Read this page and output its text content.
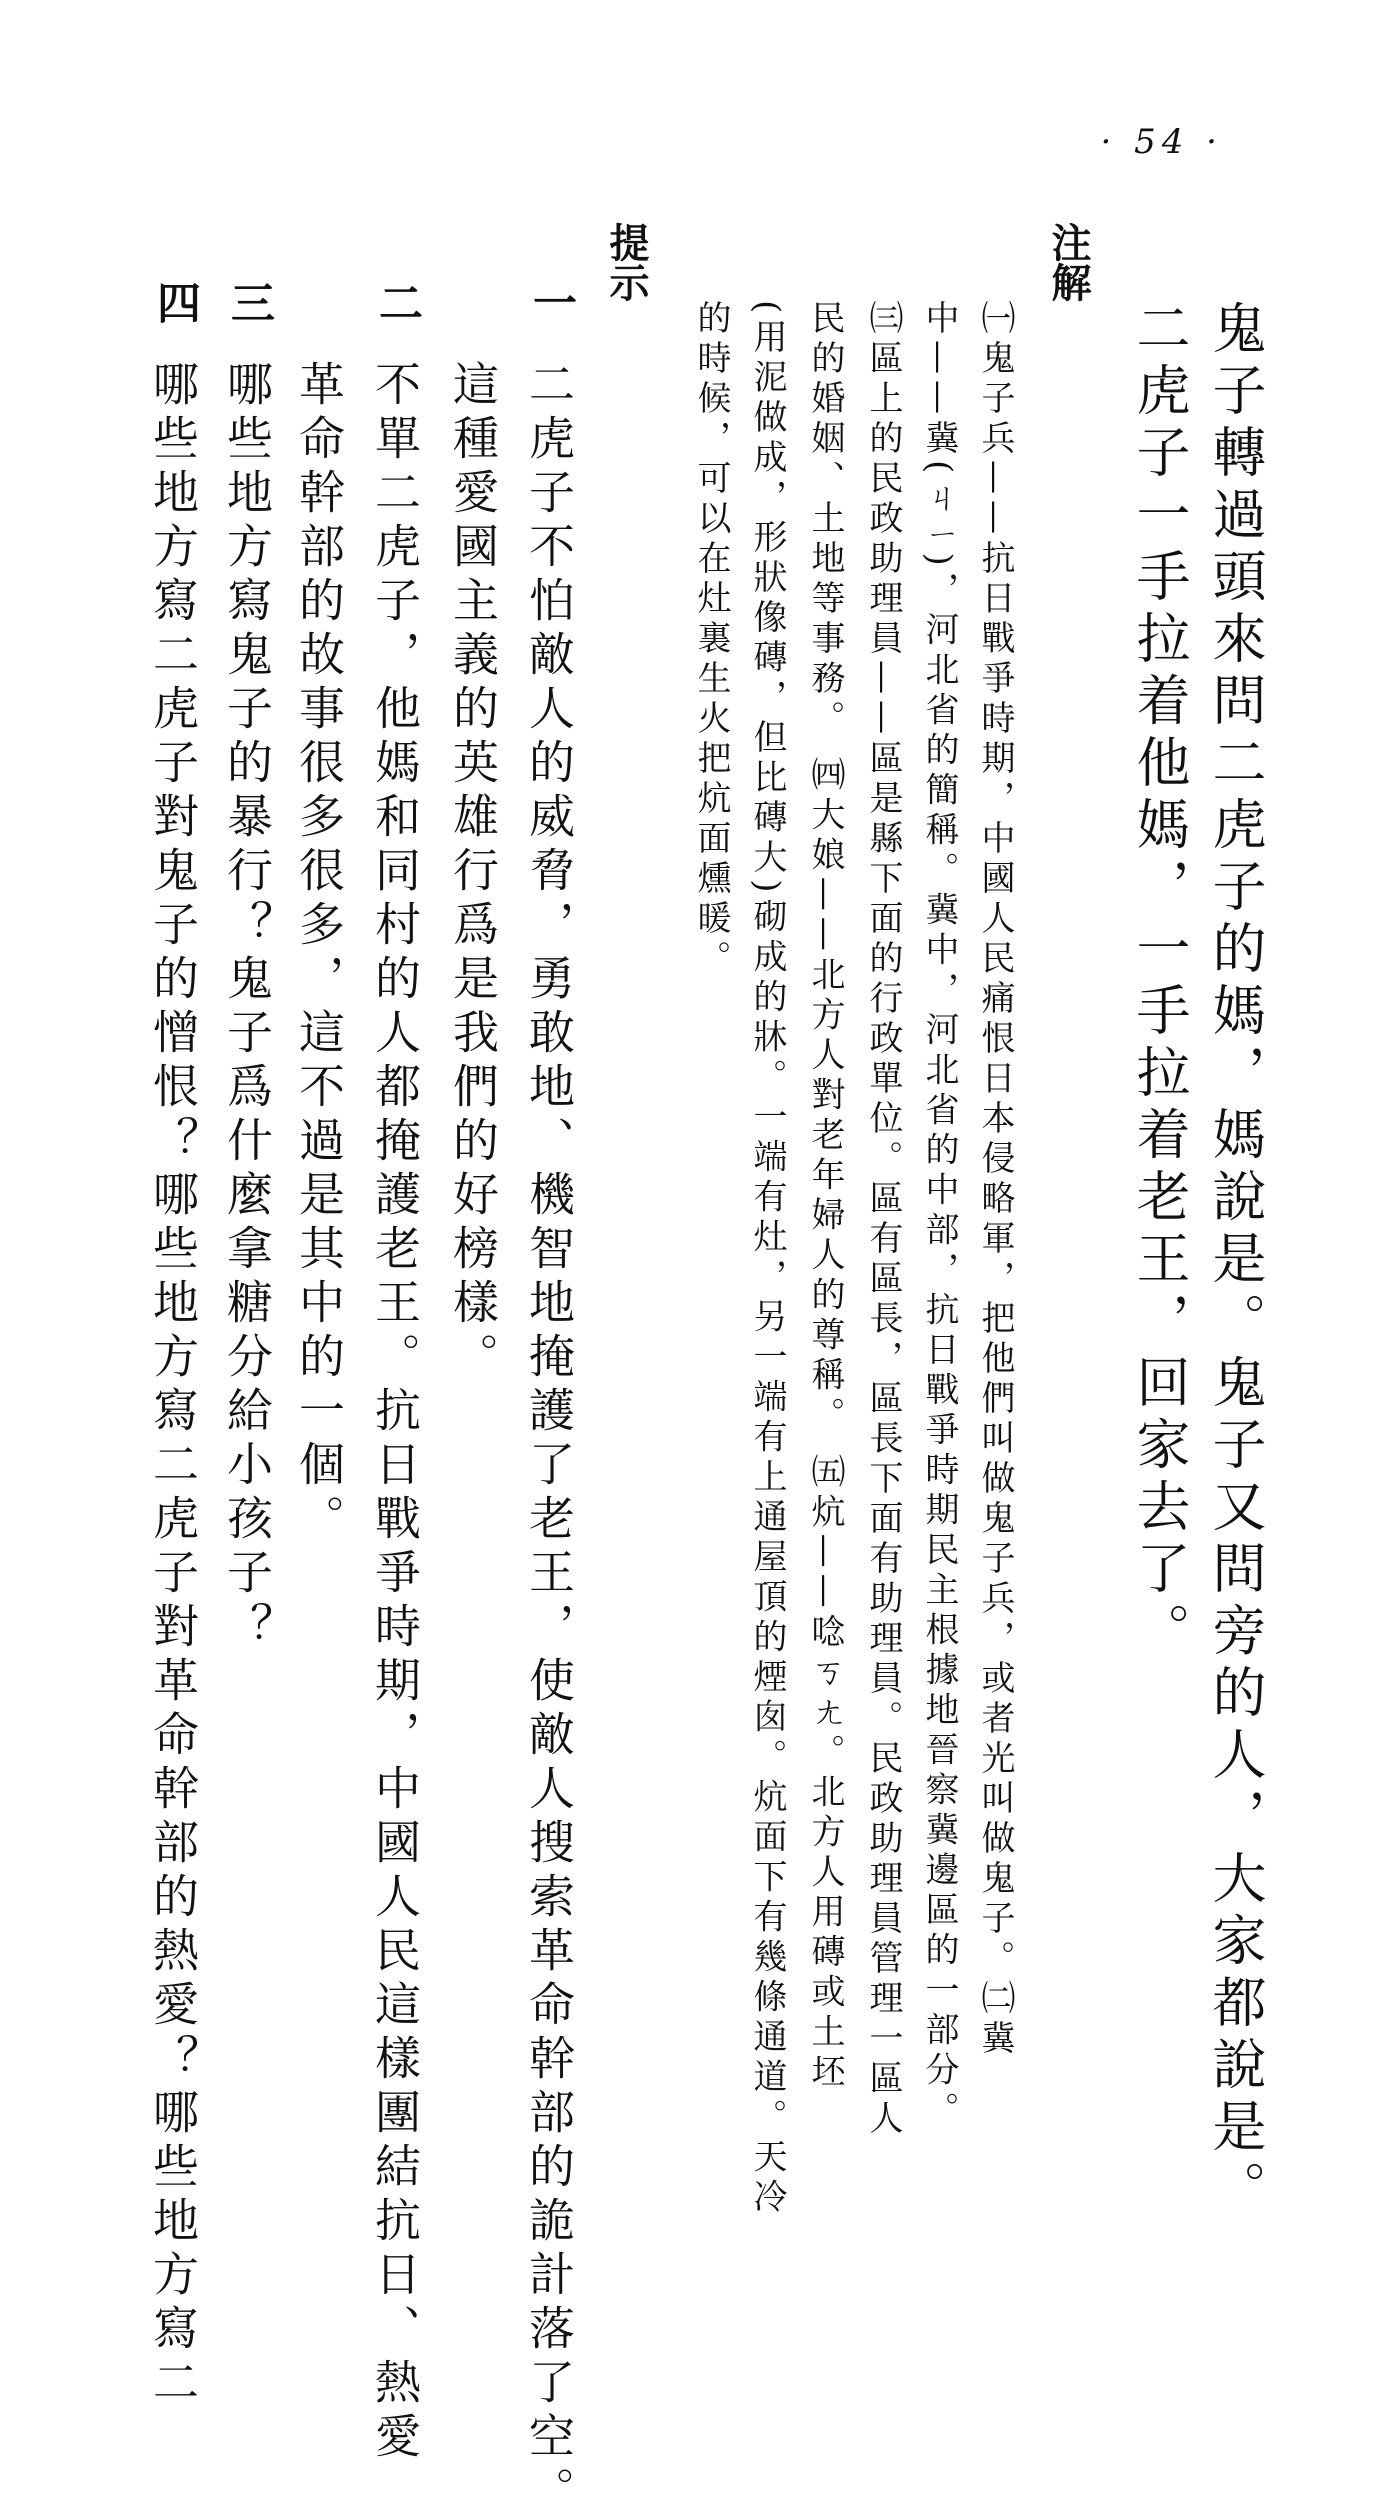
· 54 ·
鬼子轉過頭來問二虎子的媽，媽說是。鬼子又問旁的人，大家都說是。
二虎子一手拉着他媽，一手拉着老王，回家去了。
注解
㈠鬼子兵——抗日戰爭時期，中國人民痛恨日本侵略軍，把他們叫做鬼子兵，或者光叫做鬼子。㈡冀
中——冀(ㄐㄧ)，河北省的簡稱。冀中，河北省的中部，抗日戰爭時期民主根據地晉察冀邊區的一部分。
㈢區上的民政助理員——區是縣下面的行政單位。區有區長，區長下面有助理員。民政助理員管理一區人
民的婚姻、土地等事務。 ㈣大娘——北方人對老年婦人的尊稱。 ㈤炕——唸ㄎㄤ。北方人用磚或土坯
(用泥做成，形狀像磚，但比磚大)砌成的牀。一端有灶，另一端有上通屋頂的煙囱。炕面下有幾條通道。天冷
的時候，可以在灶裏生火把炕面燻暖。
提示
一
二虎子不怕敵人的威脅，勇敢地、機智地掩護了老王，使敵人搜索革命幹部的詭計落了空。
這種愛國主義的英雄行爲是我們的好榜樣。
二
不單二虎子，他媽和同村的人都掩護老王。抗日戰爭時期，中國人民這樣團結抗日、熱愛
革命幹部的故事很多很多，這不過是其中的一個。
三
哪些地方寫鬼子的暴行？鬼子爲什麼拿糖分給小孩子？
四
哪些地方寫二虎子對鬼子的憎恨？哪些地方寫二虎子對革命幹部的熱愛？哪些地方寫二
